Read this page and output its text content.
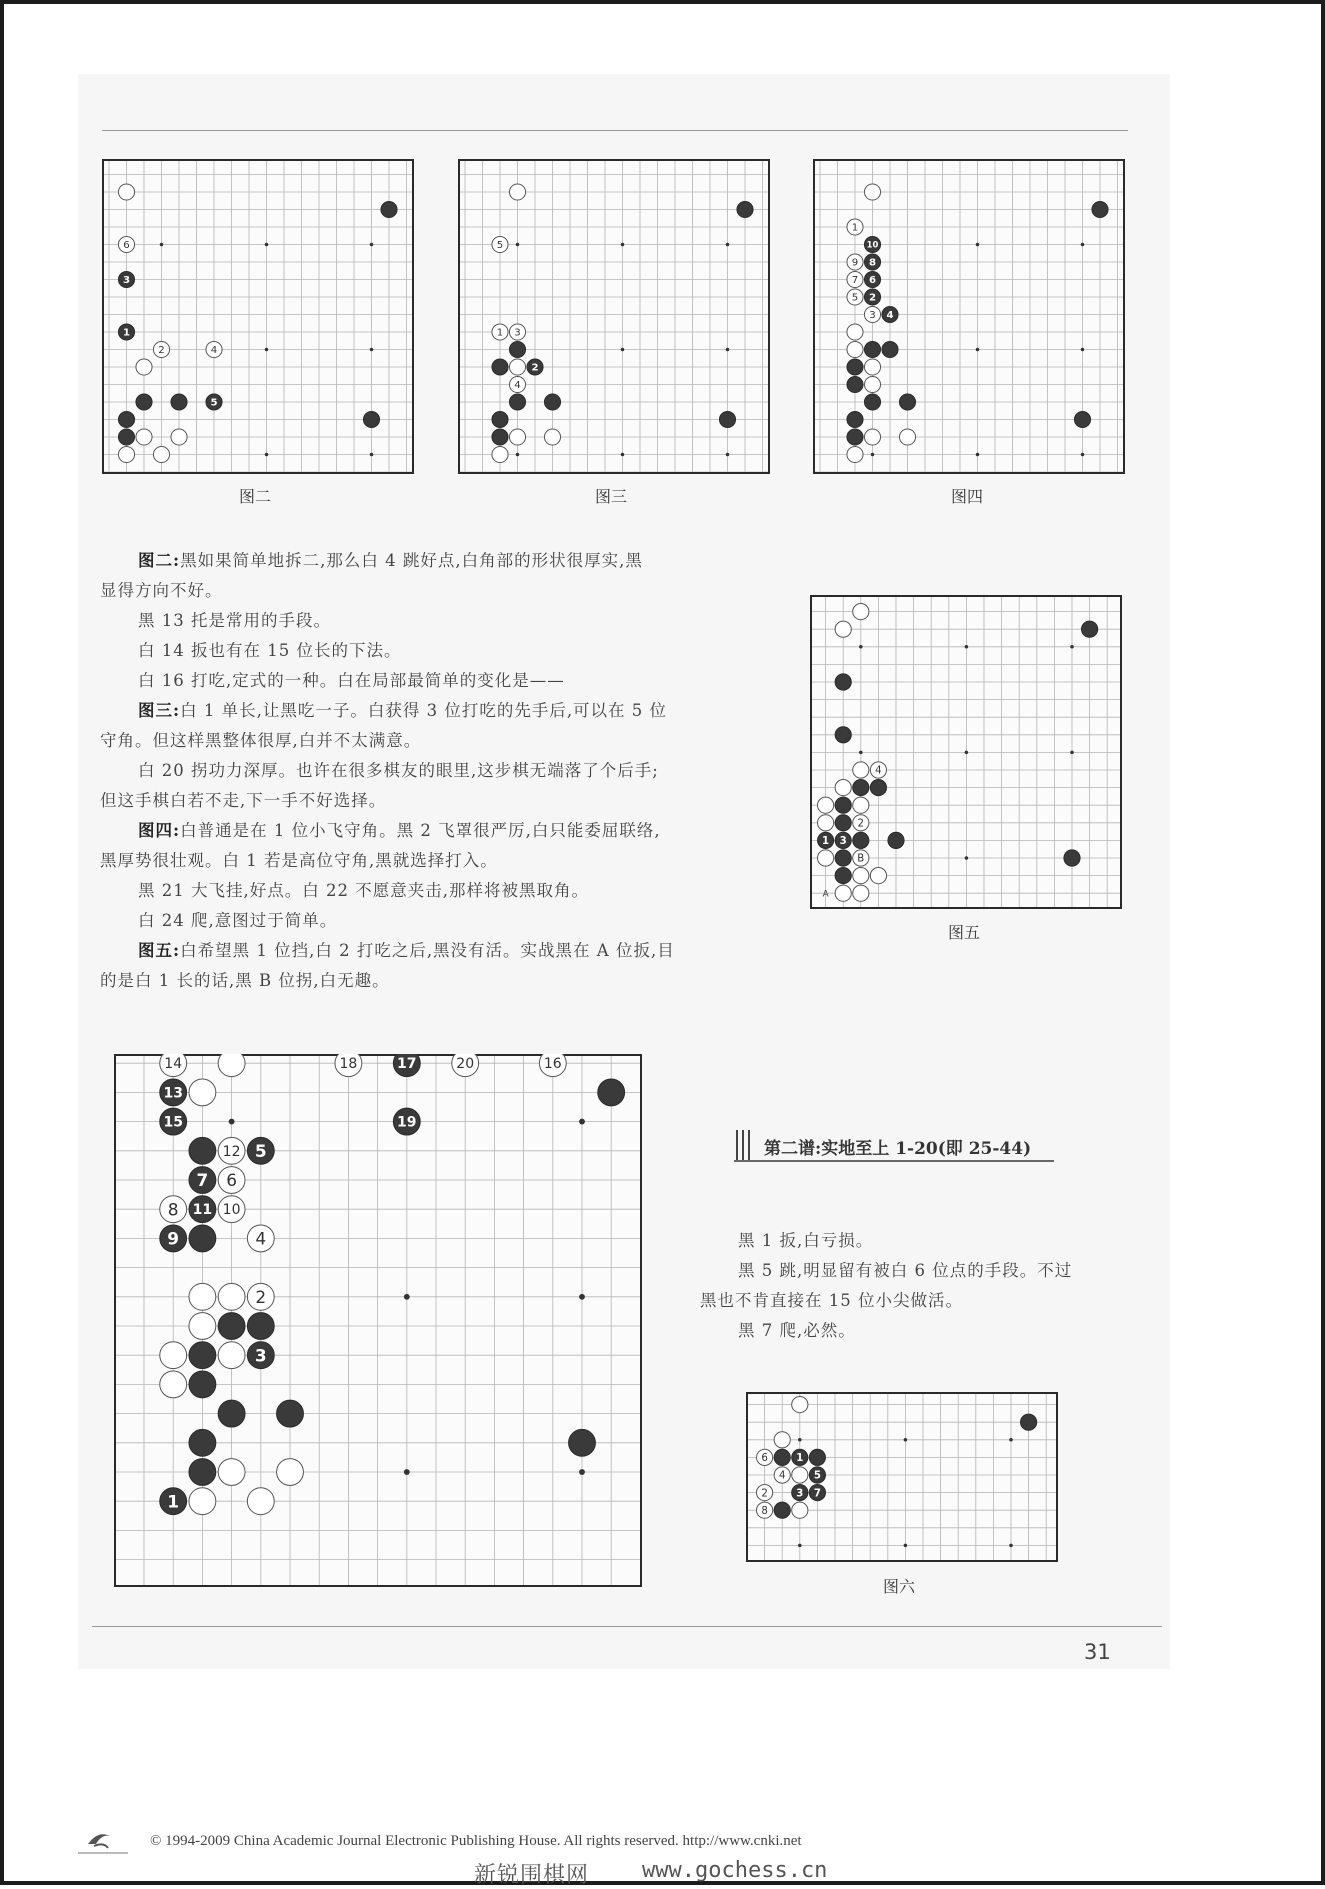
6
3
1
2	4
5
图二
5
1 3
2
4
图三
1
10
9 8
7 6
5 2
3 4
图四

图二:黑如果简单地拆二,那么白 4 跳好点,白角部的形状很厚实,黑

显得方向不好。

黑 13 托是常用的手段。

白 14 扳也有在 15 位长的下法。

白 16 打吃,定式的一种。白在局部最简单的变化是——

图三:白 1 单长,让黑吃一子。白获得 3 位打吃的先手后,可以在 5 位

守角。但这样黑整体很厚,白并不太满意。

白 20 拐功力深厚。也许在很多棋友的眼里,这步棋无端落了个后手;

但这手棋白若不走,下一手不好选择。

图四:白普通是在 1 位小飞守角。黑 2 飞罩很严厉,白只能委屈联络,

黑厚势很壮观。白 1 若是高位守角,黑就选择打入。

黑 21 大飞挂,好点。白 22 不愿意夹击,那样将被黑取角。

白 24 爬,意图过于简单。

图五:白希望黑 1 位挡,白 2 打吃之后,黑没有活。实战黑在 A 位扳,目

的是白 1 长的话,黑 B 位拐,白无趣。

A
4
2
1 3
B
图五
14	18	17	20	16
13
15	19
12 5
7 6
8 11 10
9	4
2
3
1
第二谱:实地至上 1-20(即 25-44)

黑 1 扳,白亏损。

黑 5 跳,明显留有被白 6 位点的手段。不过

黑也不肯直接在 15 位小尖做活。

黑 7 爬,必然。

6	1
4	5
2	3 7
8
图六
31
© 1994-2009 China Academic Journal Electronic Publishing House. All rights reserved. http://www.cnki.net
新锐围棋网 www.gochess.cn
